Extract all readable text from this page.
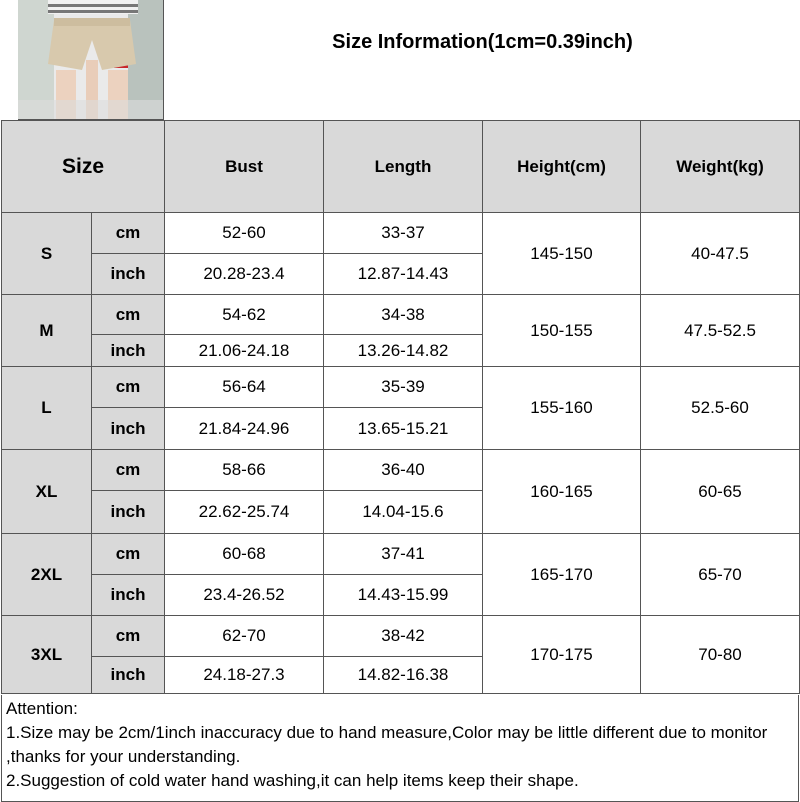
Size Information(1cm=0.39inch)
Size		Bust	Length	Height(cm)	Weight(kg)
S	cm	52-60	33-37	145-150	40-47.5
	inch	20.28-23.4	12.87-14.43		
M	cm	54-62	34-38	150-155	47.5-52.5
	inch	21.06-24.18	13.26-14.82		
L	cm	56-64	35-39	155-160	52.5-60
	inch	21.84-24.96	13.65-15.21		
XL	cm	58-66	36-40	160-165	60-65
	inch	22.62-25.74	14.04-15.6		
2XL	cm	60-68	37-41	165-170	65-70
	inch	23.4-26.52	14.43-15.99		
3XL	cm	62-70	38-42	170-175	70-80
	inch	24.18-27.3	14.82-16.38		
Attention:
1.Size may be 2cm/1inch inaccuracy due to hand measure,Color may be little different due to monitor ,thanks for your understanding.
2.Suggestion of cold water hand washing,it can help items keep their shape.
